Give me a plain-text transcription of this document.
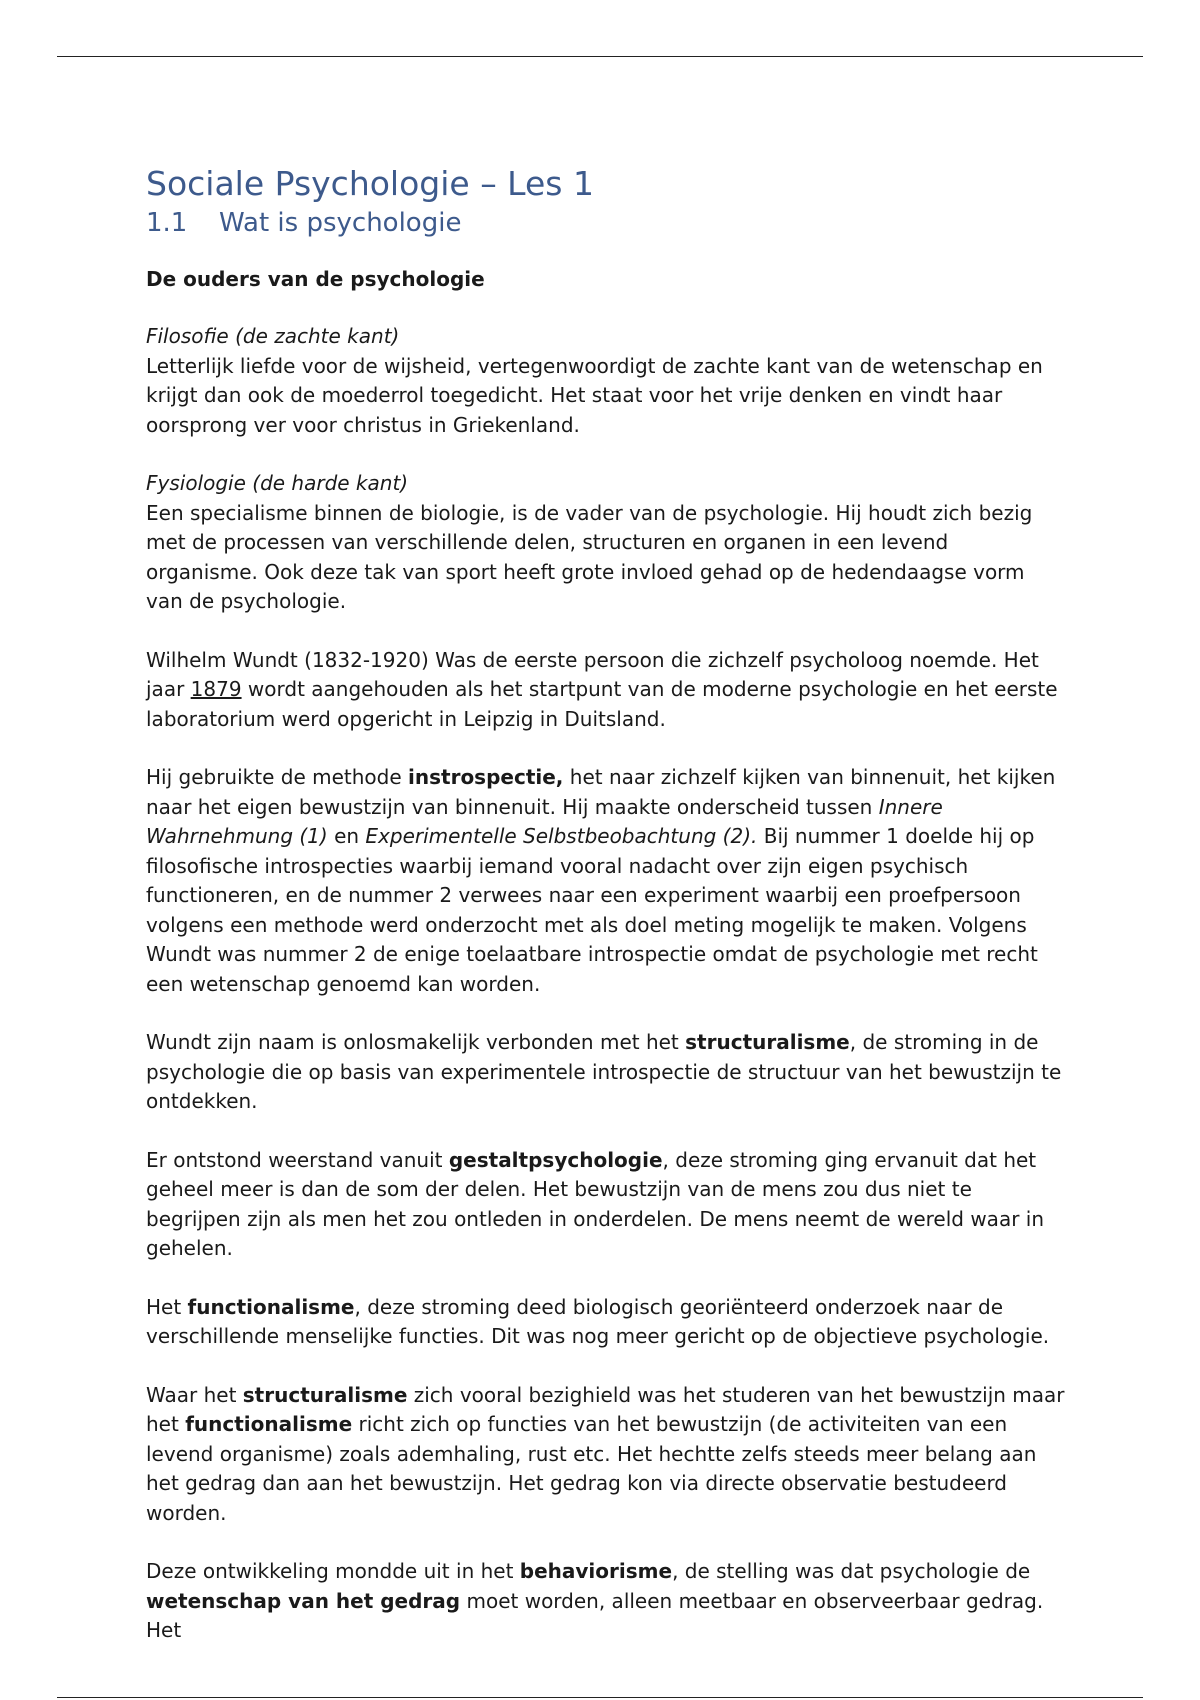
Sociale Psychologie – Les 1
1.1 Wat is psychologie

De ouders van de psychologie

Filosofie (de zachte kant)
Letterlijk liefde voor de wijsheid, vertegenwoordigt de zachte kant van de wetenschap en krijgt dan ook de moederrol toegedicht. Het staat voor het vrije denken en vindt haar oorsprong ver voor christus in Griekenland.

Fysiologie (de harde kant)
Een specialisme binnen de biologie, is de vader van de psychologie. Hij houdt zich bezig met de processen van verschillende delen, structuren en organen in een levend organisme. Ook deze tak van sport heeft grote invloed gehad op de hedendaagse vorm van de psychologie.

Wilhelm Wundt (1832-1920) Was de eerste persoon die zichzelf psycholoog noemde. Het jaar 1879 wordt aangehouden als het startpunt van de moderne psychologie en het eerste laboratorium werd opgericht in Leipzig in Duitsland.

Hij gebruikte de methode instrospectie, het naar zichzelf kijken van binnenuit, het kijken naar het eigen bewustzijn van binnenuit. Hij maakte onderscheid tussen Innere Wahrnehmung (1) en Experimentelle Selbstbeobachtung (2). Bij nummer 1 doelde hij op filosofische introspecties waarbij iemand vooral nadacht over zijn eigen psychisch functioneren, en de nummer 2 verwees naar een experiment waarbij een proefpersoon volgens een methode werd onderzocht met als doel meting mogelijk te maken. Volgens Wundt was nummer 2 de enige toelaatbare introspectie omdat de psychologie met recht een wetenschap genoemd kan worden.

Wundt zijn naam is onlosmakelijk verbonden met het structuralisme, de stroming in de psychologie die op basis van experimentele introspectie de structuur van het bewustzijn te ontdekken.

Er ontstond weerstand vanuit gestaltpsychologie, deze stroming ging ervanuit dat het geheel meer is dan de som der delen. Het bewustzijn van de mens zou dus niet te begrijpen zijn als men het zou ontleden in onderdelen. De mens neemt de wereld waar in gehelen.

Het functionalisme, deze stroming deed biologisch georiënteerd onderzoek naar de verschillende menselijke functies. Dit was nog meer gericht op de objectieve psychologie.

Waar het structuralisme zich vooral bezighield was het studeren van het bewustzijn maar het functionalisme richt zich op functies van het bewustzijn (de activiteiten van een levend organisme) zoals ademhaling, rust etc. Het hechtte zelfs steeds meer belang aan het gedrag dan aan het bewustzijn. Het gedrag kon via directe observatie bestudeerd worden.

Deze ontwikkeling mondde uit in het behaviorisme, de stelling was dat psychologie de wetenschap van het gedrag moet worden, alleen meetbaar en observeerbaar gedrag. Het
